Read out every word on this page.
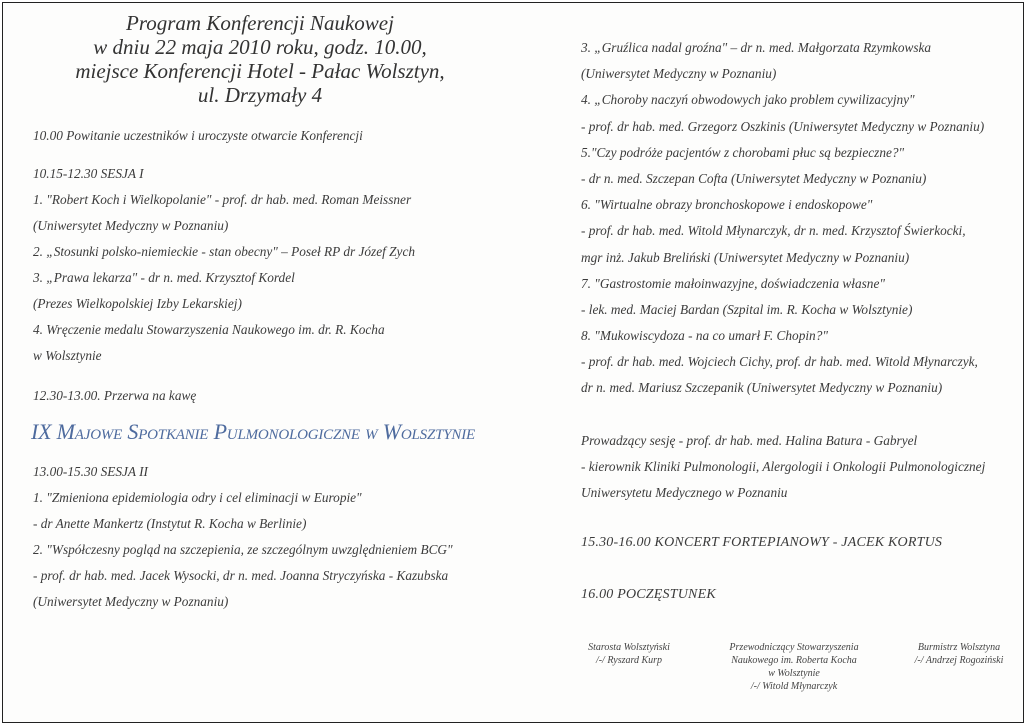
Program Konferencji Naukowej
w dniu 22 maja 2010 roku, godz. 10.00,
miejsce Konferencji Hotel - Pałac Wolsztyn,
ul. Drzymały 4
10.00 Powitanie uczestników i uroczyste otwarcie Konferencji
10.15-12.30 SESJA I
1. "Robert Koch i Wielkopolanie" - prof. dr hab. med. Roman Meissner
(Uniwersytet Medyczny w Poznaniu)
2. „Stosunki polsko-niemieckie - stan obecny" – Poseł RP dr Józef Zych
3. „Prawa lekarza" - dr n. med. Krzysztof Kordel
(Prezes Wielkopolskiej Izby Lekarskiej)
4. Wręczenie medalu Stowarzyszenia Naukowego im. dr. R. Kocha
w Wolsztynie
12.30-13.00. Przerwa na kawę
IX Majowe Spotkanie Pulmonologiczne w Wolsztynie
13.00-15.30 SESJA II
1. "Zmieniona epidemiologia odry i cel eliminacji w Europie"
- dr Anette Mankertz (Instytut R. Kocha w Berlinie)
2. "Współczesny pogląd na szczepienia, ze szczególnym uwzględnieniem BCG"
- prof. dr hab. med. Jacek Wysocki, dr n. med. Joanna Stryczyńska - Kazubska
(Uniwersytet Medyczny w Poznaniu)
3. „Gruźlica nadal groźna" – dr n. med. Małgorzata Rzymkowska
(Uniwersytet Medyczny w Poznaniu)
4. „Choroby naczyń obwodowych jako problem cywilizacyjny"
- prof. dr hab. med. Grzegorz Oszkinis (Uniwersytet Medyczny w Poznaniu)
5."Czy podróże pacjentów z chorobami płuc są bezpieczne?"
- dr n. med. Szczepan Cofta (Uniwersytet Medyczny w Poznaniu)
6. "Wirtualne obrazy bronchoskopowe i endoskopowe"
- prof. dr hab. med. Witold Młynarczyk, dr n. med. Krzysztof Świerkocki,
mgr inż. Jakub Breliński (Uniwersytet Medyczny w Poznaniu)
7. "Gastrostomie małoinwazyjne, doświadczenia własne"
- lek. med. Maciej Bardan (Szpital im. R. Kocha w Wolsztynie)
8. "Mukowiscydoza - na co umarł F. Chopin?"
- prof. dr hab. med. Wojciech Cichy, prof. dr hab. med. Witold Młynarczyk,
dr n. med. Mariusz Szczepanik (Uniwersytet Medyczny w Poznaniu)
Prowadzący sesję - prof. dr hab. med. Halina Batura - Gabryel
- kierownik Kliniki Pulmonologii, Alergologii i Onkologii Pulmonologicznej
Uniwersytetu Medycznego w Poznaniu
15.30-16.00 KONCERT FORTEPIANOWY - JACEK KORTUS
16.00 POCZĘSTUNEK
Starosta Wolsztyński
/-/ Ryszard Kurp
Przewodniczący Stowarzyszenia
Naukowego im. Roberta Kocha
w Wolsztynie
/-/ Witold Młynarczyk
Burmistrz Wolsztyna
/-/ Andrzej Rogoziński
